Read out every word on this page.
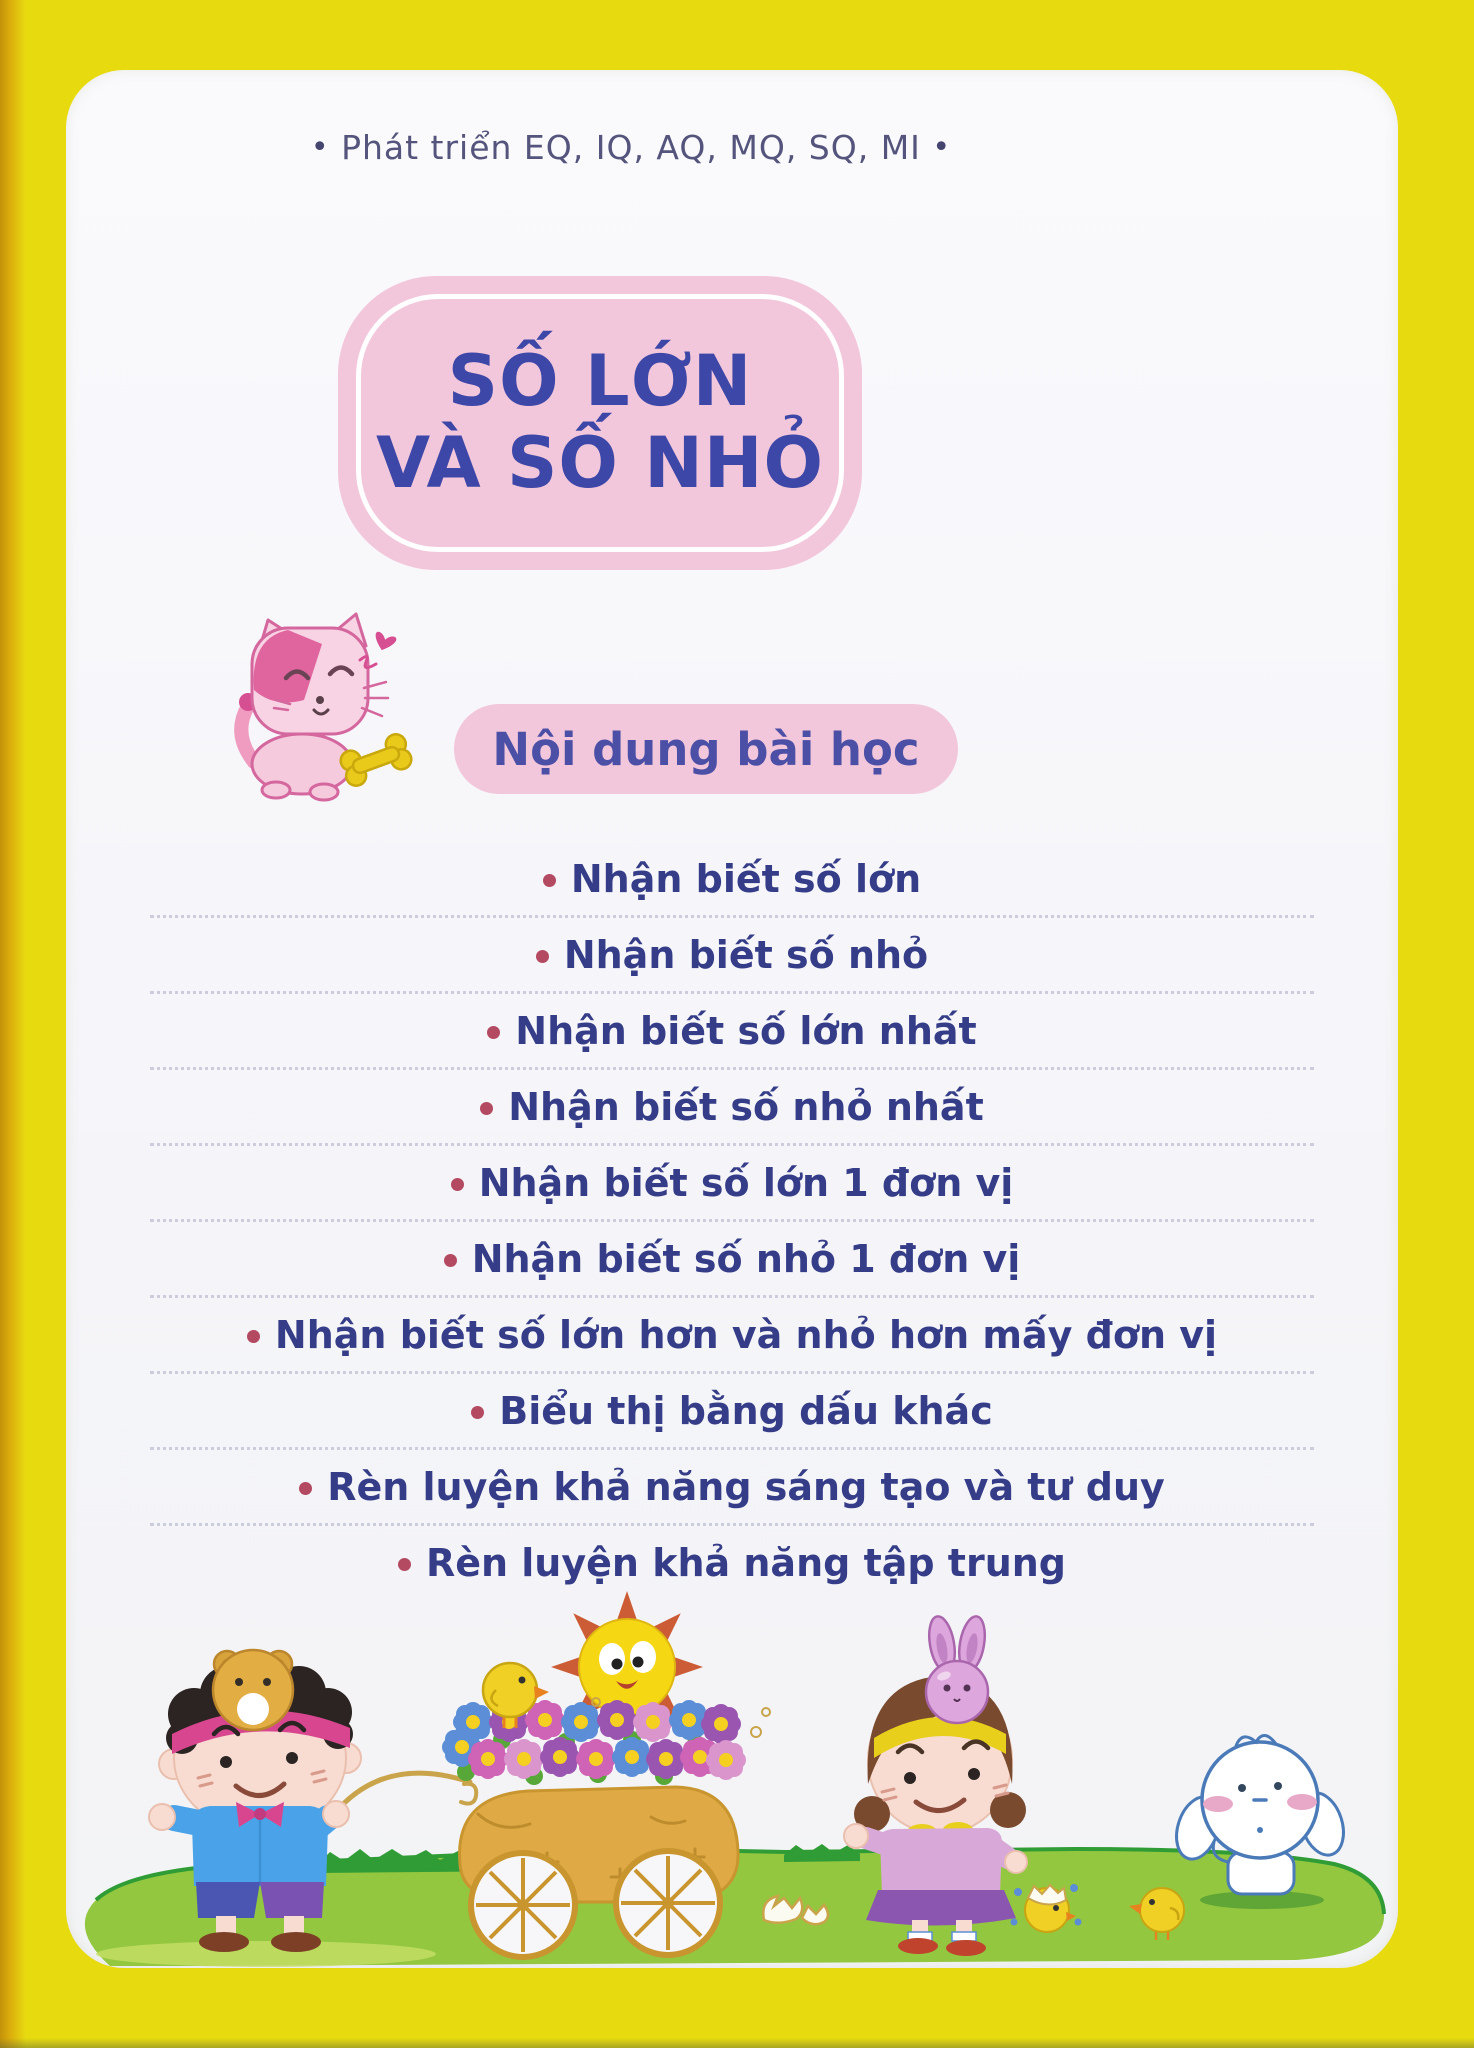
• Phát triển EQ, IQ, AQ, MQ, SQ, MI •
SỐ LỚN
VÀ SỐ NHỎ
Nội dung bài học
Nhận biết số lớn
Nhận biết số nhỏ
Nhận biết số lớn nhất
Nhận biết số nhỏ nhất
Nhận biết số lớn 1 đơn vị
Nhận biết số nhỏ 1 đơn vị
Nhận biết số lớn hơn và nhỏ hơn mấy đơn vị
Biểu thị bằng dấu khác
Rèn luyện khả năng sáng tạo và tư duy
Rèn luyện khả năng tập trung
